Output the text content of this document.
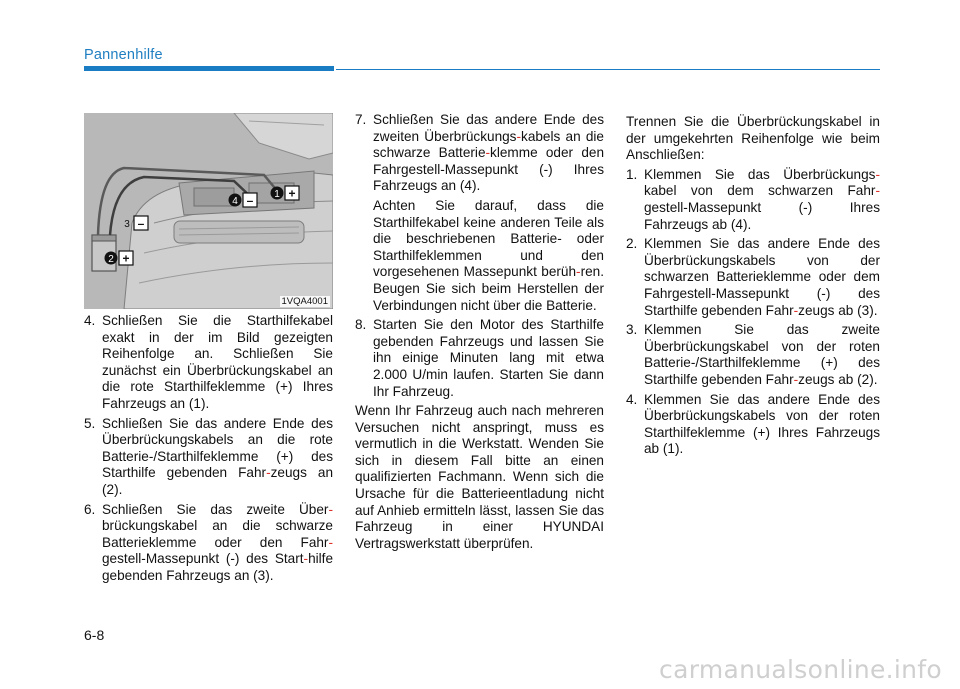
Pannenhilfe
1 +
4 –
3 –
2 +
1VQA4001
4. Schließen Sie die Starthilfekabel exakt in der im Bild gezeigten Reihenfolge an. Schließen Sie zunächst ein Überbrückungskabel an die rote Starthilfeklemme (+) Ihres Fahrzeugs an (1).
5. Schließen Sie das andere Ende des Überbrückungskabels an die rote Batterie-/Starthilfeklemme (+) des Starthilfe gebenden Fahr-zeugs an (2).
6. Schließen Sie das zweite Über-brückungskabel an die schwarze Batterieklemme oder den Fahr-gestell-Massepunkt (-) des Start-hilfe gebenden Fahrzeugs an (3).
7. Schließen Sie das andere Ende des zweiten Überbrückungs-kabels an die schwarze Batterie-klemme oder den Fahrgestell-Massepunkt (-) Ihres Fahrzeugs an (4).
Achten Sie darauf, dass die Starthilfekabel keine anderen Teile als die beschriebenen Batterie- oder Starthilfeklemmen und den vorgesehenen Massepunkt berüh-ren. Beugen Sie sich beim Herstellen der Verbindungen nicht über die Batterie.
8. Starten Sie den Motor des Starthilfe gebenden Fahrzeugs und lassen Sie ihn einige Minuten lang mit etwa 2.000 U/min laufen. Starten Sie dann Ihr Fahrzeug.
Wenn Ihr Fahrzeug auch nach mehreren Versuchen nicht anspringt, muss es vermutlich in die Werkstatt. Wenden Sie sich in diesem Fall bitte an einen qualifizierten Fachmann. Wenn sich die Ursache für die Batterieentladung nicht auf Anhieb ermitteln lässt, lassen Sie das Fahrzeug in einer HYUNDAI Vertragswerkstatt überprüfen.
Trennen Sie die Überbrückungskabel in der umgekehrten Reihenfolge wie beim Anschließen:
1. Klemmen Sie das Überbrückungs-kabel von dem schwarzen Fahr-gestell-Massepunkt (-) Ihres Fahrzeugs ab (4).
2. Klemmen Sie das andere Ende des Überbrückungskabels von der schwarzen Batterieklemme oder dem Fahrgestell-Massepunkt (-) des Starthilfe gebenden Fahr-zeugs ab (3).
3. Klemmen Sie das zweite Überbrückungskabel von der roten Batterie-/Starthilfeklemme (+) des Starthilfe gebenden Fahr-zeugs ab (2).
4. Klemmen Sie das andere Ende des Überbrückungskabels von der roten Starthilfeklemme (+) Ihres Fahrzeugs ab (1).
6-8
carmanualsonline.info
